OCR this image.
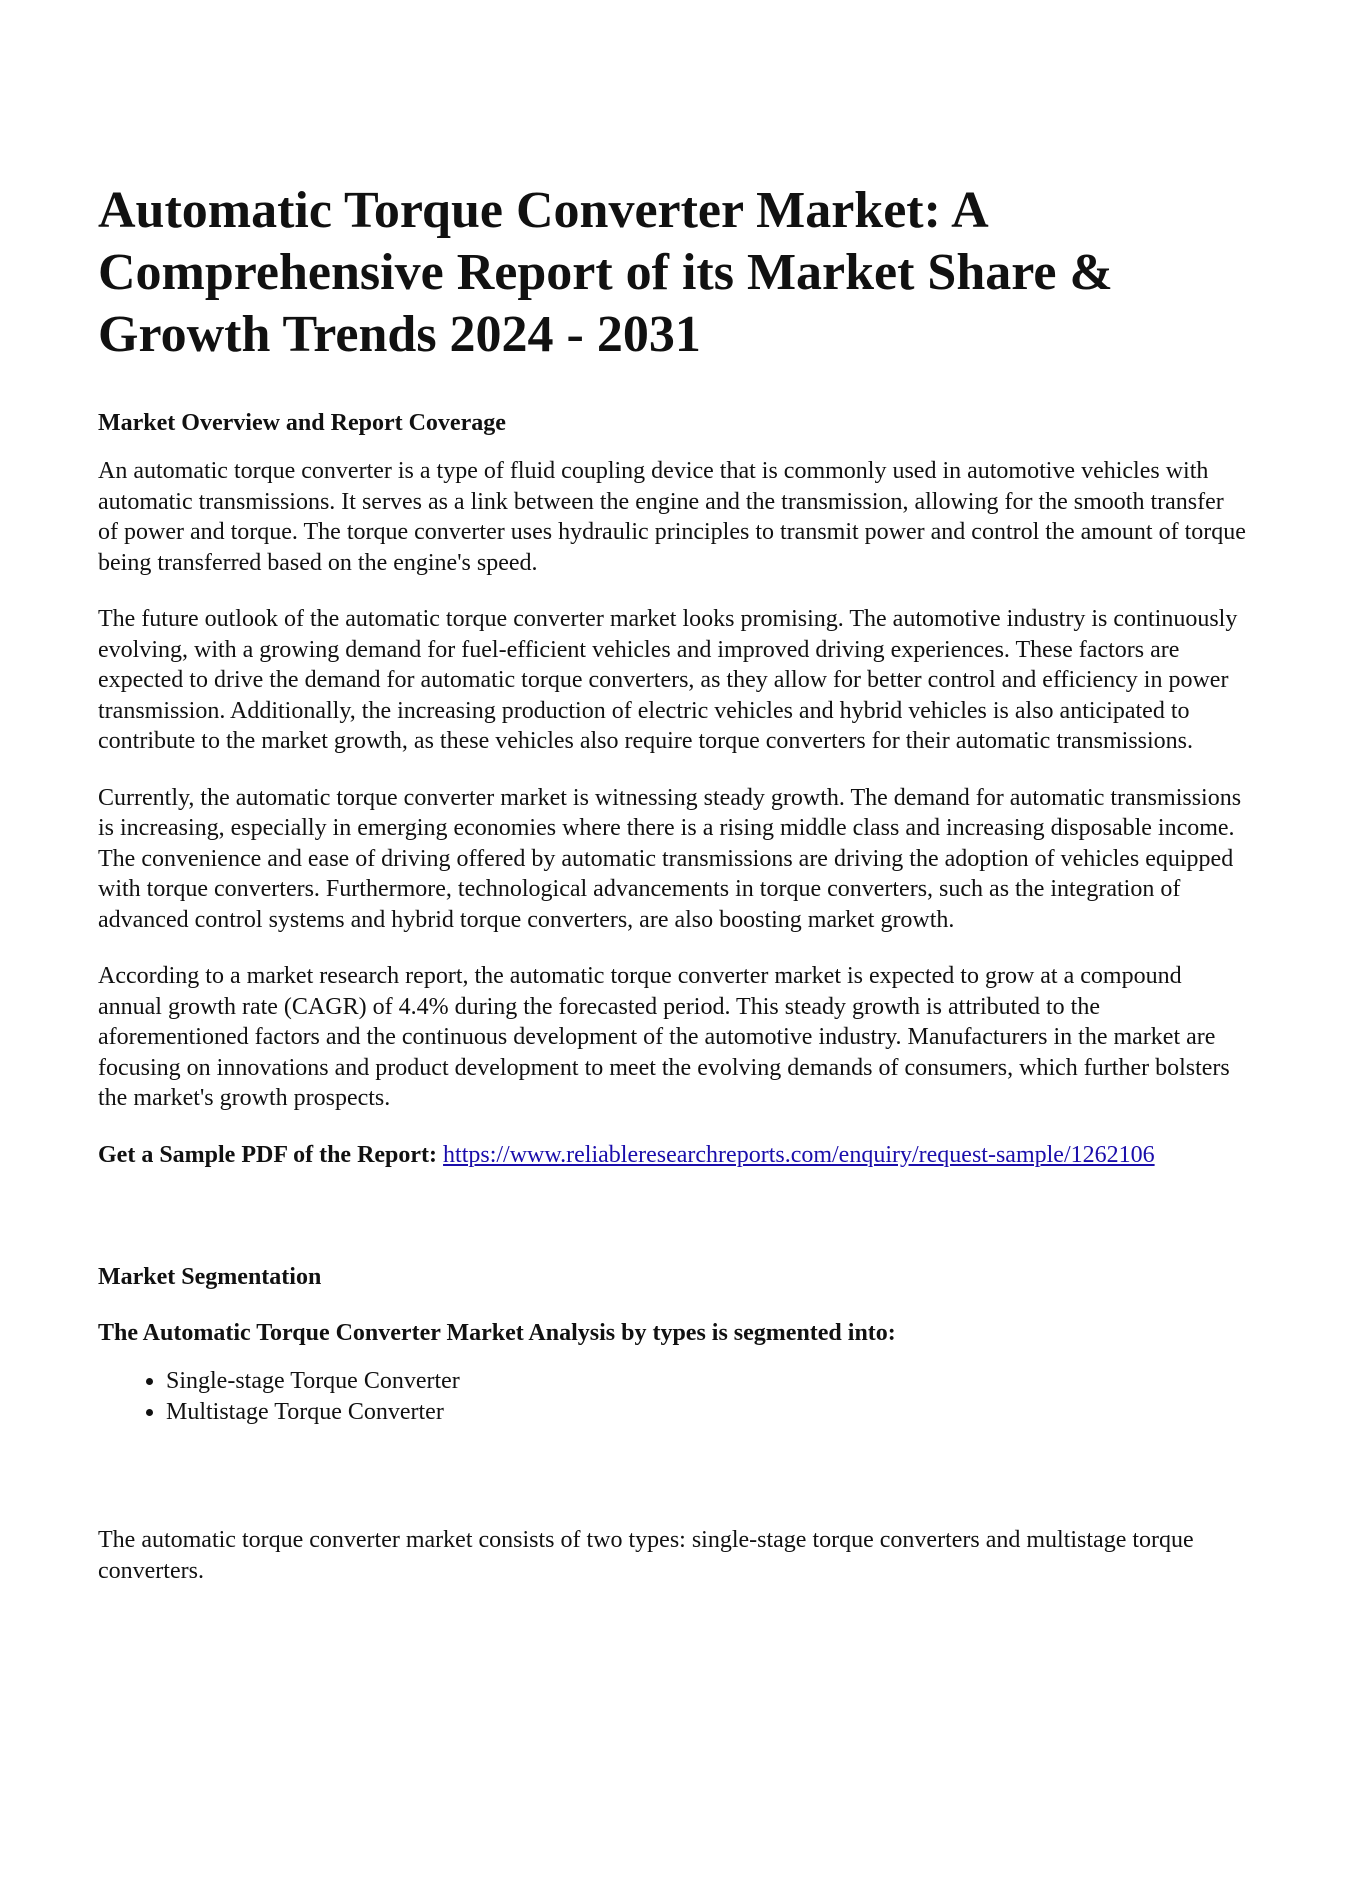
Automatic Torque Converter Market: A Comprehensive Report of its Market Share & Growth Trends 2024 - 2031
Market Overview and Report Coverage

An automatic torque converter is a type of fluid coupling device that is commonly used in automotive vehicles with automatic transmissions. It serves as a link between the engine and the transmission, allowing for the smooth transfer of power and torque. The torque converter uses hydraulic principles to transmit power and control the amount of torque being transferred based on the engine's speed.

The future outlook of the automatic torque converter market looks promising. The automotive industry is continuously evolving, with a growing demand for fuel-efficient vehicles and improved driving experiences. These factors are expected to drive the demand for automatic torque converters, as they allow for better control and efficiency in power transmission. Additionally, the increasing production of electric vehicles and hybrid vehicles is also anticipated to contribute to the market growth, as these vehicles also require torque converters for their automatic transmissions.

Currently, the automatic torque converter market is witnessing steady growth. The demand for automatic transmissions is increasing, especially in emerging economies where there is a rising middle class and increasing disposable income. The convenience and ease of driving offered by automatic transmissions are driving the adoption of vehicles equipped with torque converters. Furthermore, technological advancements in torque converters, such as the integration of advanced control systems and hybrid torque converters, are also boosting market growth.

According to a market research report, the automatic torque converter market is expected to grow at a compound annual growth rate (CAGR) of 4.4% during the forecasted period. This steady growth is attributed to the aforementioned factors and the continuous development of the automotive industry. Manufacturers in the market are focusing on innovations and product development to meet the evolving demands of consumers, which further bolsters the market's growth prospects.

Get a Sample PDF of the Report: https://www.reliableresearchreports.com/enquiry/request-sample/1262106

Market Segmentation
The Automatic Torque Converter Market Analysis by types is segmented into:
• Single-stage Torque Converter
• Multistage Torque Converter

The automatic torque converter market consists of two types: single-stage torque converters and multistage torque converters.
